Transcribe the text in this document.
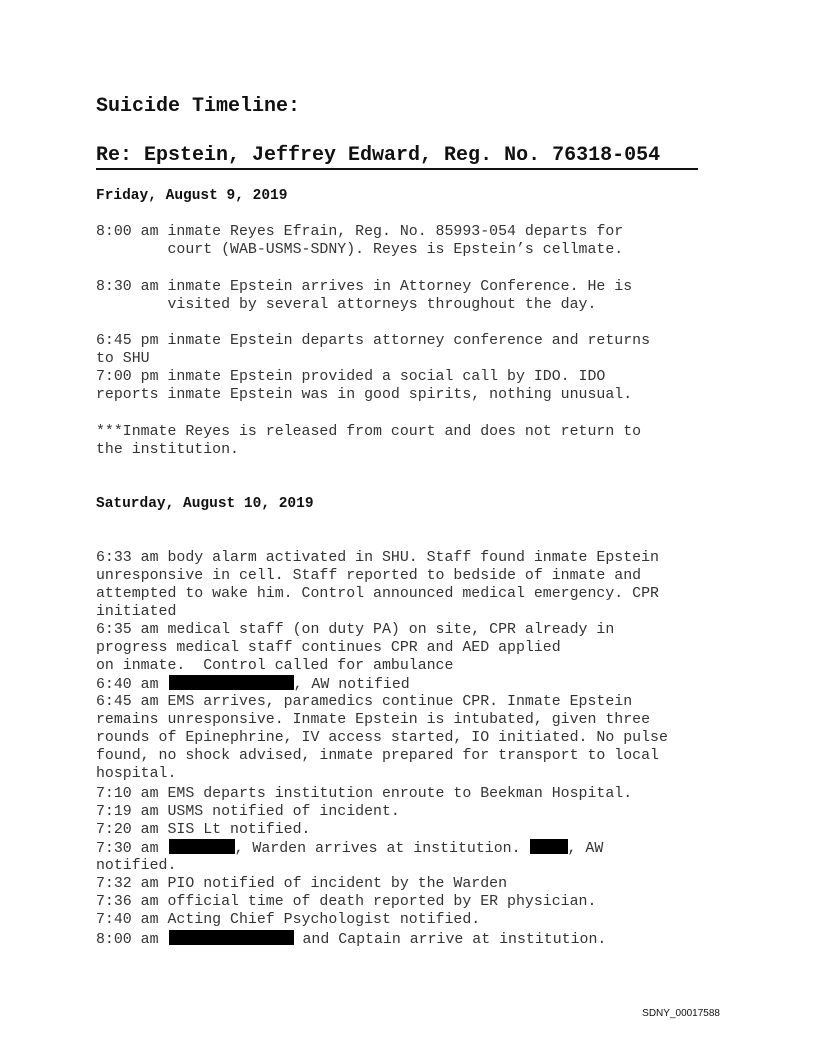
Suicide Timeline:
Re: Epstein, Jeffrey Edward, Reg. No. 76318-054
Friday, August 9, 2019
8:00 am inmate Reyes Efrain, Reg. No. 85993-054 departs for
court (WAB-USMS-SDNY). Reyes is Epstein’s cellmate.
8:30 am inmate Epstein arrives in Attorney Conference. He is
visited by several attorneys throughout the day.
6:45 pm inmate Epstein departs attorney conference and returns
to SHU
7:00 pm inmate Epstein provided a social call by IDO. IDO
reports inmate Epstein was in good spirits, nothing unusual.
***Inmate Reyes is released from court and does not return to
the institution.
Saturday, August 10, 2019
6:33 am body alarm activated in SHU. Staff found inmate Epstein
unresponsive in cell. Staff reported to bedside of inmate and
attempted to wake him. Control announced medical emergency. CPR
initiated
6:35 am medical staff (on duty PA) on site, CPR already in
progress medical staff continues CPR and AED applied
on inmate.  Control called for ambulance
6:40 am	, AW notified
6:45 am EMS arrives, paramedics continue CPR. Inmate Epstein
remains unresponsive. Inmate Epstein is intubated, given three
rounds of Epinephrine, IV access started, IO initiated. No pulse
found, no shock advised, inmate prepared for transport to local
hospital.
7:10 am EMS departs institution enroute to Beekman Hospital.
7:19 am USMS notified of incident.
7:20 am SIS Lt notified.
7:30 am	, Warden arrives at institution.	, AW
notified.
7:32 am PIO notified of incident by the Warden
7:36 am official time of death reported by ER physician.
7:40 am Acting Chief Psychologist notified.
8:00 am	and Captain arrive at institution.
SDNY_00017588
